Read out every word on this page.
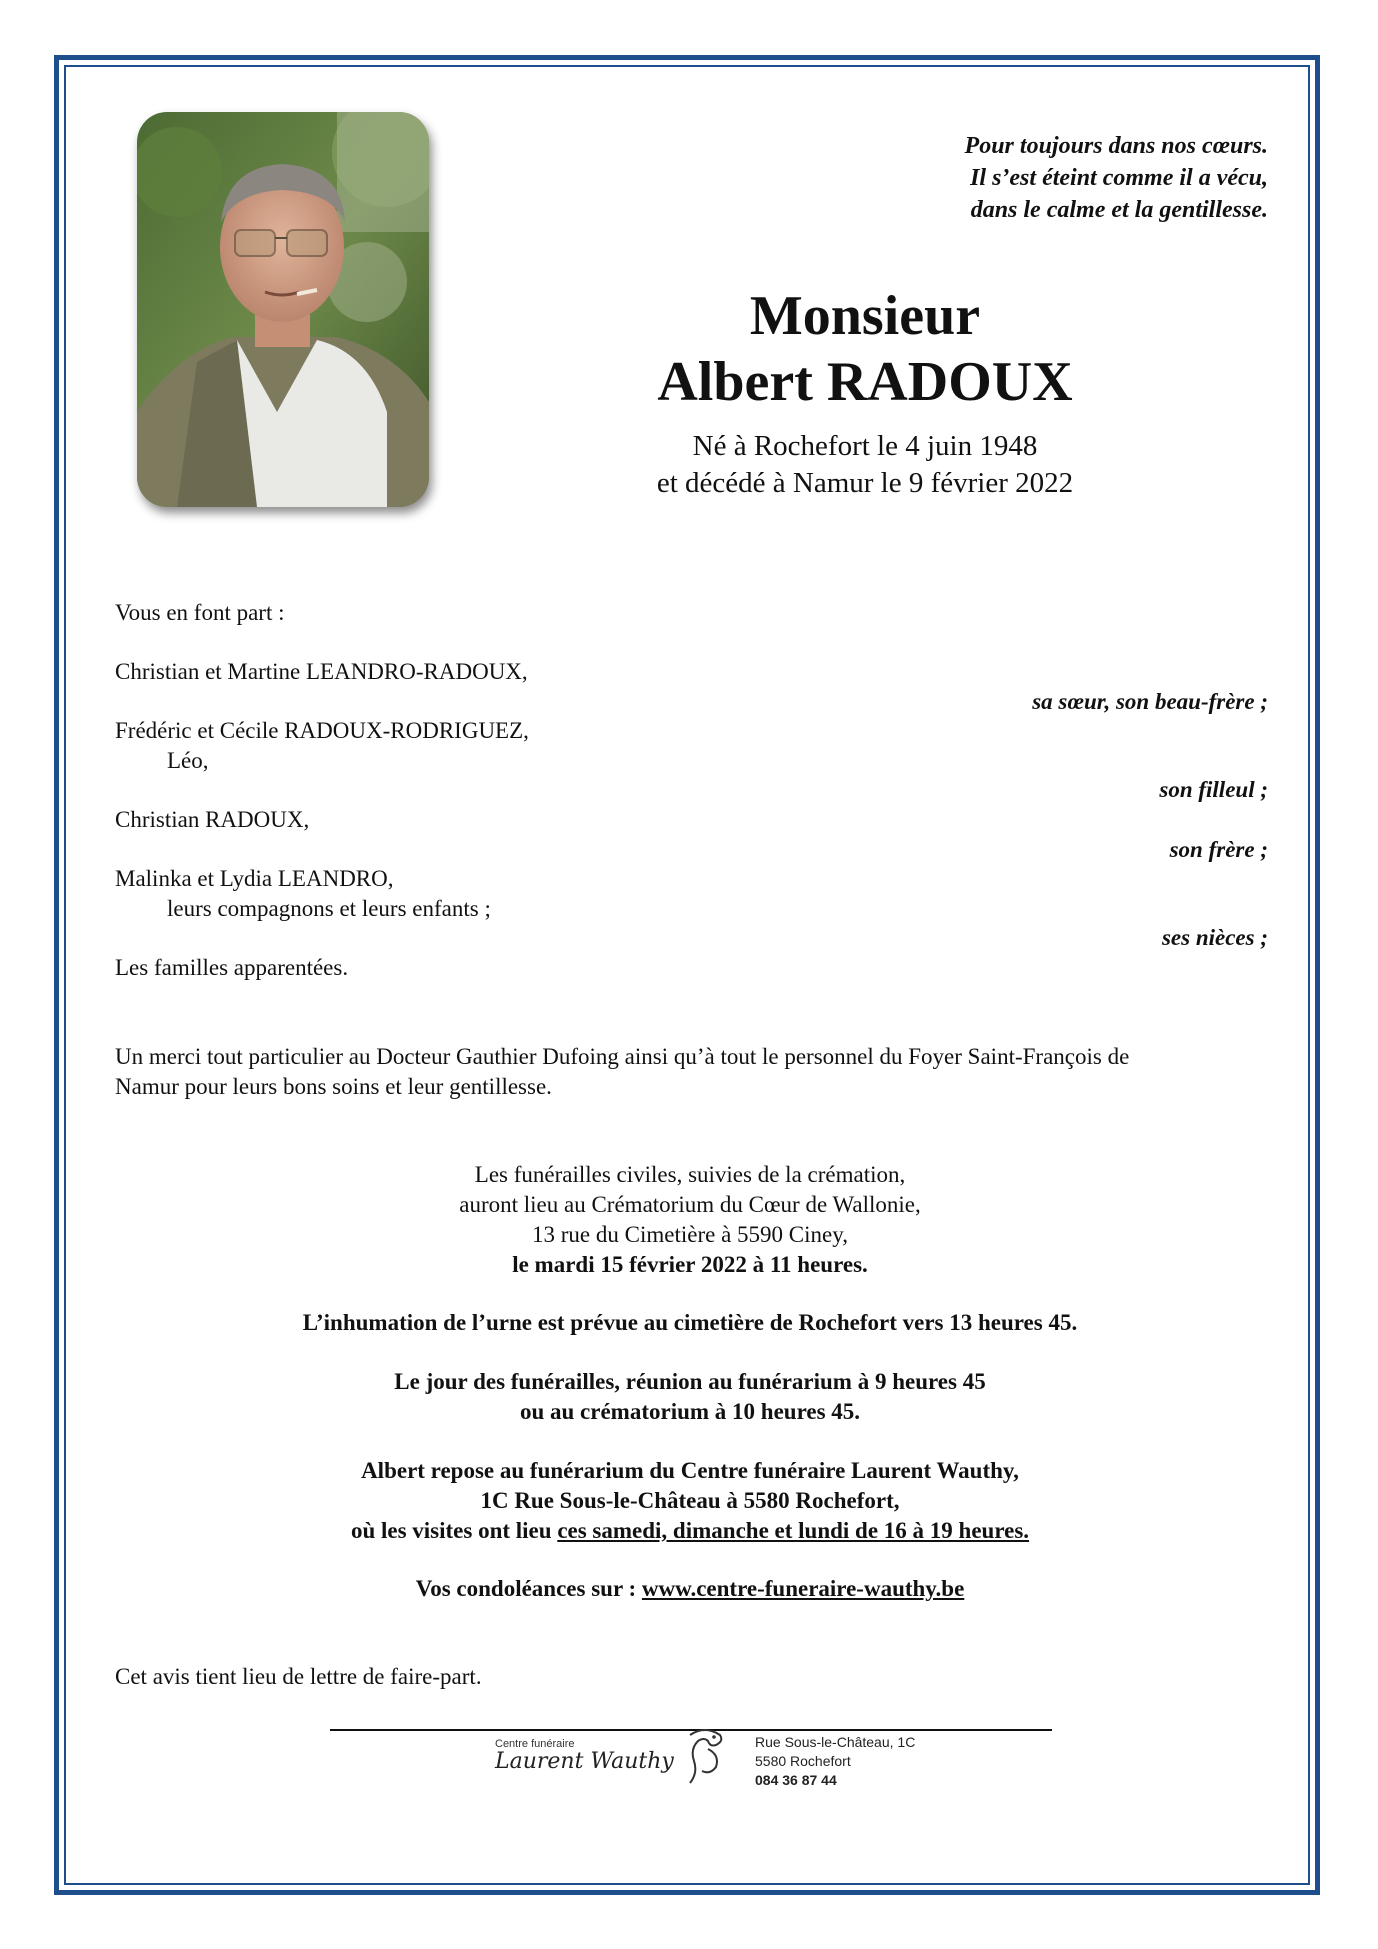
Pour toujours dans nos cœurs.
Il s’est éteint comme il a vécu,
dans le calme et la gentillesse.
Monsieur
Albert RADOUX
Né à Rochefort le 4 juin 1948
et décédé à Namur le 9 février 2022
Vous en font part :
Christian et Martine LEANDRO-RADOUX,
sa sœur, son beau-frère ;
Frédéric et Cécile RADOUX-RODRIGUEZ,
Léo,
son filleul ;
Christian RADOUX,
son frère ;
Malinka et Lydia LEANDRO,
leurs compagnons et leurs enfants ;
ses nièces ;
Les familles apparentées.
Un merci tout particulier au Docteur Gauthier Dufoing ainsi qu’à tout le personnel du Foyer Saint-François de
Namur pour leurs bons soins et leur gentillesse.
Les funérailles civiles, suivies de la crémation,
auront lieu au Crématorium du Cœur de Wallonie,
13 rue du Cimetière à 5590 Ciney,
le mardi 15 février 2022 à 11 heures.
L’inhumation de l’urne est prévue au cimetière de Rochefort vers 13 heures 45.
Le jour des funérailles, réunion au funérarium à 9 heures 45
ou au crématorium à 10 heures 45.
Albert repose au funérarium du Centre funéraire Laurent Wauthy,
1C Rue Sous-le-Château à 5580 Rochefort,
où les visites ont lieu ces samedi, dimanche et lundi de 16 à 19 heures.
Vos condoléances sur : www.centre-funeraire-wauthy.be
Cet avis tient lieu de lettre de faire-part.
Centre funéraire
Laurent Wauthy
Rue Sous-le-Château, 1C
5580 Rochefort
084 36 87 44
